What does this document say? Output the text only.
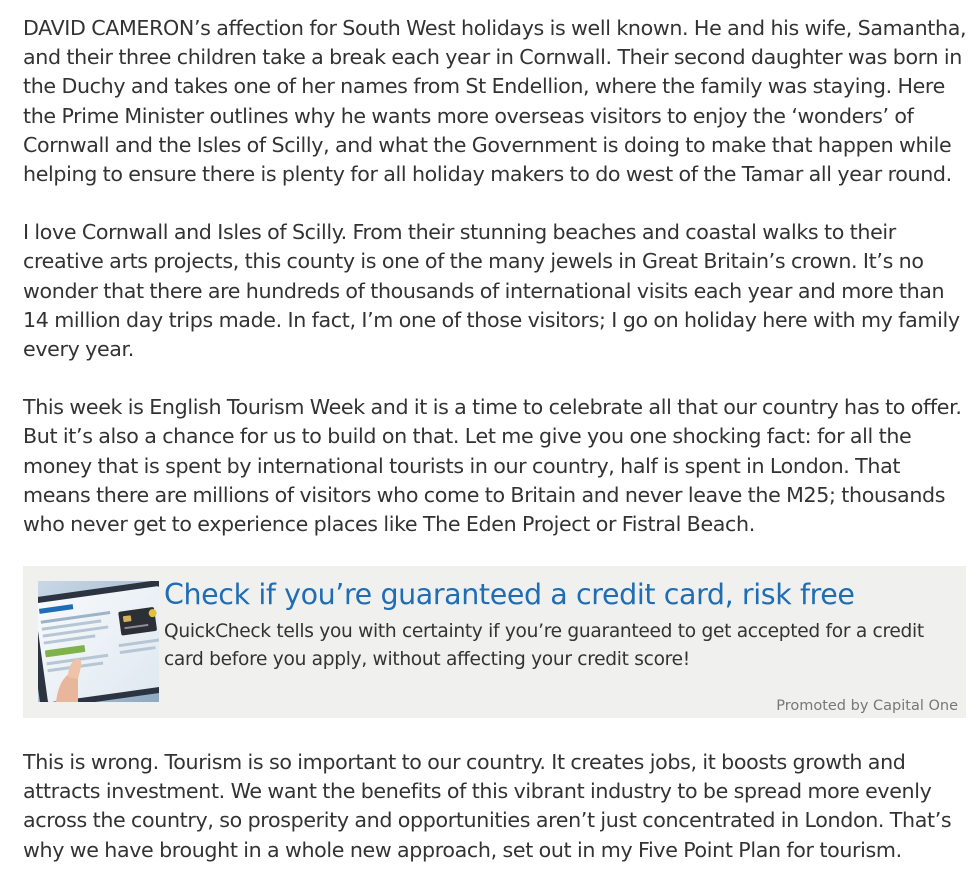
DAVID CAMERON’s affection for South West holidays is well known. He and his wife, Samantha, and their three children take a break each year in Cornwall. Their second daughter was born in the Duchy and takes one of her names from St Endellion, where the family was staying. Here the Prime Minister outlines why he wants more overseas visitors to enjoy the ‘wonders’ of Cornwall and the Isles of Scilly, and what the Government is doing to make that happen while helping to ensure there is plenty for all holiday makers to do west of the Tamar all year round.

I love Cornwall and Isles of Scilly. From their stunning beaches and coastal walks to their creative arts projects, this county is one of the many jewels in Great Britain’s crown. It’s no wonder that there are hundreds of thousands of international visits each year and more than 14 million day trips made. In fact, I’m one of those visitors; I go on holiday here with my family every year.

This week is English Tourism Week and it is a time to celebrate all that our country has to offer. But it’s also a chance for us to build on that. Let me give you one shocking fact: for all the money that is spent by international tourists in our country, half is spent in London. That means there are millions of visitors who come to Britain and never leave the M25; thousands who never get to experience places like The Eden Project or Fistral Beach.

Check if you’re guaranteed a credit card, risk free
QuickCheck tells you with certainty if you’re guaranteed to get accepted for a credit card before you apply, without affecting your credit score!
Promoted by Capital One

This is wrong. Tourism is so important to our country. It creates jobs, it boosts growth and attracts investment. We want the benefits of this vibrant industry to be spread more evenly across the country, so prosperity and opportunities aren’t just concentrated in London. That’s why we have brought in a whole new approach, set out in my Five Point Plan for tourism.
